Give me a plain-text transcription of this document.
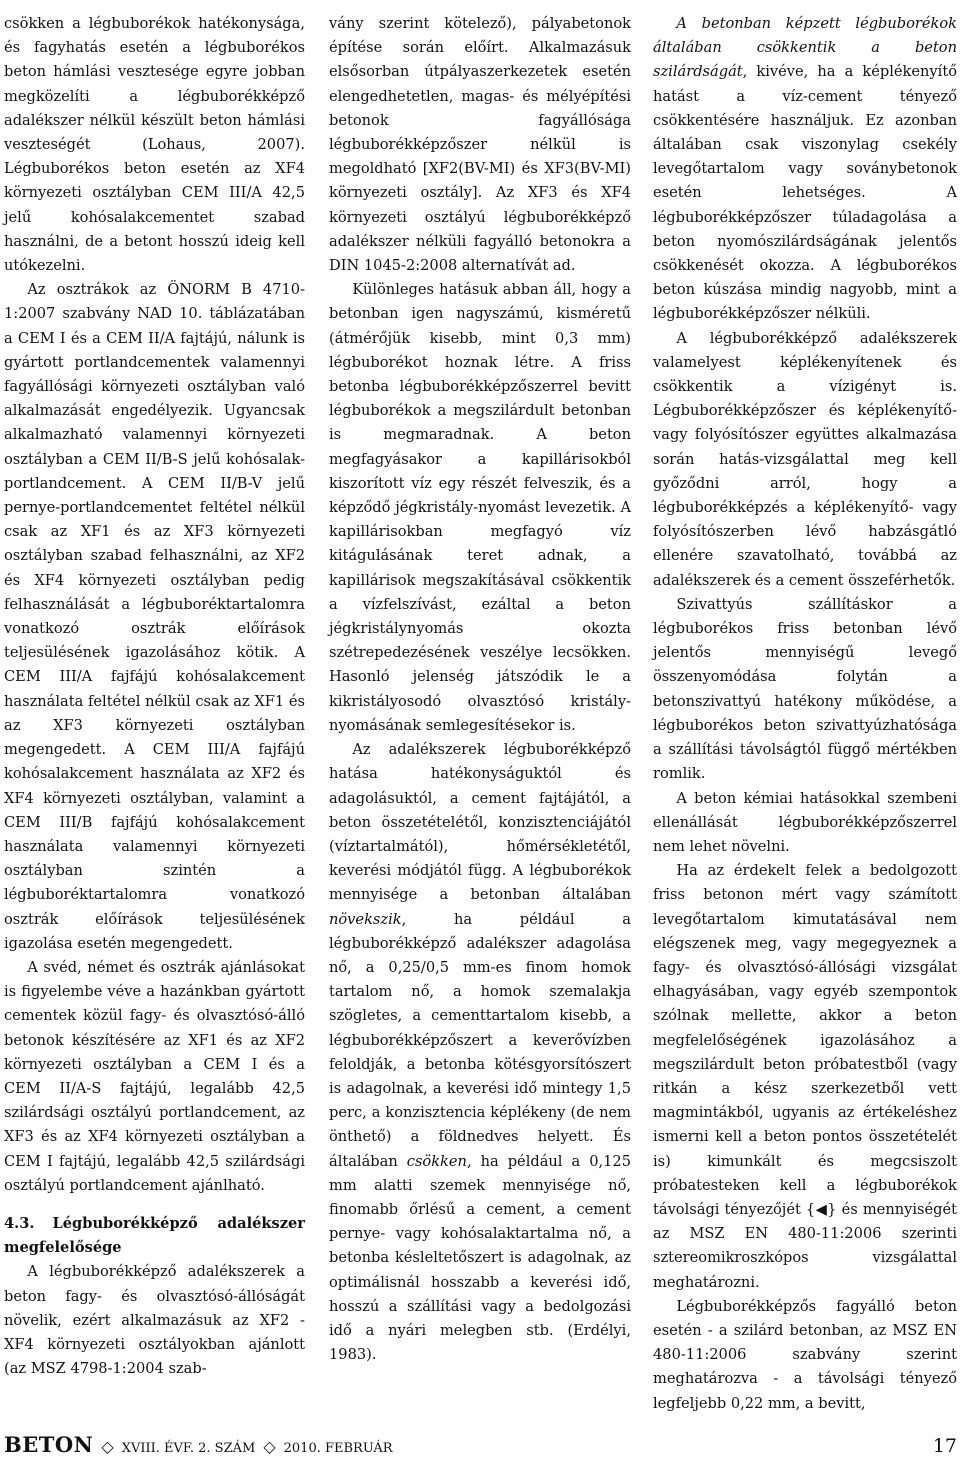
csökken a légbuborékok hatékonysága, és fagyhatás esetén a légbuborékos beton hámlási vesztesége egyre jobban megközelíti a légbuborékképző adalékszer nélkül készült beton hámlási veszteségét (Lohaus, 2007). Légbuborékos beton esetén az XF4 környezeti osztályban CEM III/A 42,5 jelű kohósalakcementet szabad használni, de a betont hosszú ideig kell utókezelni.

Az osztrákok az ÖNORM B 4710-1:2007 szabvány NAD 10. táblázatában a CEM I és a CEM II/A fajtájú, nálunk is gyártott portlandcementek valamennyi fagyállósági környezeti osztályban való alkalmazását engedélyezik. Ugyancsak alkalmazható valamennyi környezeti osztályban a CEM II/B-S jelű kohósalak-portlandcement. A CEM II/B-V jelű pernye-portlandcementet feltétel nélkül csak az XF1 és az XF3 környezeti osztályban szabad felhasználni, az XF2 és XF4 környezeti osztályban pedig felhasználását a légbuboréktartalomra vonatkozó osztrák előírások teljesülésének igazolásához kötik. A CEM III/A fajfájú kohósalakcement használata feltétel nélkül csak az XF1 és az XF3 környezeti osztályban megengedett. A CEM III/A fajfájú kohósalakcement használata az XF2 és XF4 környezeti osztályban, valamint a CEM III/B fajfájú kohósalakcement használata valamennyi környezeti osztályban szintén a légbuboréktartalomra vonatkozó osztrák előírások teljesülésének igazolása esetén megengedett.

A svéd, német és osztrák ajánlásokat is figyelembe véve a hazánkban gyártott cementek közül fagy- és olvasztósó-álló betonok készítésére az XF1 és az XF2 környezeti osztályban a CEM I és a CEM II/A-S fajtájú, legalább 42,5 szilárdsági osztályú portlandcement, az XF3 és az XF4 környezeti osztályban a CEM I fajtájú, legalább 42,5 szilárdsági osztályú portlandcement ajánlható.

4.3. Légbuborékképző adalékszer megfelelősége

A légbuborékképző adalékszerek a beton fagy- és olvasztósó-állóságát növelik, ezért alkalmazásuk az XF2 - XF4 környezeti osztályokban ajánlott (az MSZ 4798-1:2004 szab-

vány szerint kötelező), pályabetonok építése során előírt. Alkalmazásuk elsősorban útpályaszerkezetek esetén elengedhetetlen, magas- és mélyépítési betonok fagyállósága légbuborékképzőszer nélkül is megoldható [XF2(BV-MI) és XF3(BV-MI) környezeti osztály]. Az XF3 és XF4 környezeti osztályú légbuborékképző adalékszer nélküli fagyálló betonokra a DIN 1045-2:2008 alternatívát ad.

Különleges hatásuk abban áll, hogy a betonban igen nagyszámú, kisméretű (átmérőjük kisebb, mint 0,3 mm) légbuborékot hoznak létre. A friss betonba légbuborékképzőszerrel bevitt légbuborékok a megszilárdult betonban is megmaradnak. A beton megfagyásakor a kapillárisokból kiszorított víz egy részét felveszik, és a képződő jégkristály-nyomást levezetik. A kapillárisokban megfagyó víz kitágulásának teret adnak, a kapillárisok megszakításával csökkentik a vízfelszívást, ezáltal a beton jégkristálynyomás okozta szétrepedezésének veszélye lecsökken. Hasonló jelenség játszódik le a kikristályosodó olvasztósó kristály-nyomásának semlegesítésekor is.

Az adalékszerek légbuborékképző hatása hatékonyságuktól és adagolásuktól, a cement fajtájától, a beton összetételétől, konzisztenciájától (víztartalmától), hőmérsékletétől, keverési módjától függ. A légbuborékok mennyisége a betonban általában növekszik, ha például a légbuborékképző adalékszer adagolása nő, a 0,25/0,5 mm-es finom homok tartalom nő, a homok szemalakja szögletes, a cementtartalom kisebb, a légbuborékképzőszert a keverővízben feloldják, a betonba kötésgyorsítószert is adagolnak, a keverési idő mintegy 1,5 perc, a konzisztencia képlékeny (de nem önthető) a földnedves helyett. És általában csökken, ha például a 0,125 mm alatti szemek mennyisége nő, finomabb őrlésű a cement, a cement pernye- vagy kohósalaktartalma nő, a betonba késleltetőszert is adagolnak, az optimálisnál hosszabb a keverési idő, hosszú a szállítási vagy a bedolgozási idő a nyári melegben stb. (Erdélyi, 1983).

A betonban képzett légbuborékok általában csökkentik a beton szilárdságát, kivéve, ha a képlékenyítő hatást a víz-cement tényező csökkentésére használjuk. Ez azonban általában csak viszonylag csekély levegőtartalom vagy soványbetonok esetén lehetséges. A légbuborékképzőszer túladagolása a beton nyomószilárdságának jelentős csökkenését okozza. A légbuborékos beton kúszása mindig nagyobb, mint a légbuborékképzőszer nélküli.

A légbuborékképző adalékszerek valamelyest képlékenyítenek és csökkentik a vízigényt is. Légbuborékképzőszer és képlékenyítő- vagy folyósítószer együttes alkalmazása során hatás-vizsgálattal meg kell győződni arról, hogy a légbuborékképzés a képlékenyítő- vagy folyósítószerben lévő habzásgátló ellenére szavatolható, továbbá az adalékszerek és a cement összeférhetők.

Szivattyús szállításkor a légbuborékos friss betonban lévő jelentős mennyiségű levegő összenyomódása folytán a betonszivattyú hatékony működése, a légbuborékos beton szivattyúzhatósága a szállítási távolságtól függő mértékben romlik.

A beton kémiai hatásokkal szembeni ellenállását légbuborékképzőszerrel nem lehet növelni.

Ha az érdekelt felek a bedolgozott friss betonon mért vagy számított levegőtartalom kimutatásával nem elégszenek meg, vagy megegyeznek a fagy- és olvasztósó-állósági vizsgálat elhagyásában, vagy egyéb szempontok szólnak mellette, akkor a beton megfelelőségének igazolásához a megszilárdult beton próbatestből (vagy ritkán a kész szerkezetből vett magmintákból, ugyanis az értékeléshez ismerni kell a beton pontos összetételét is) kimunkált és megcsiszolt próbatesteken kell a légbuborékok távolsági tényezőjét {◀} és mennyiségét az MSZ EN 480-11:2006 szerinti sztereomikroszkópos vizsgálattal meghatározni.

Légbuborékképzős fagyálló beton esetén - a szilárd betonban, az MSZ EN 480-11:2006 szabvány szerint meghatározva - a távolsági tényező legfeljebb 0,22 mm, a bevitt,

BETON ◇ XVIII. ÉVF. 2. SZÁM ◇ 2010. FEBRUÁR	17
